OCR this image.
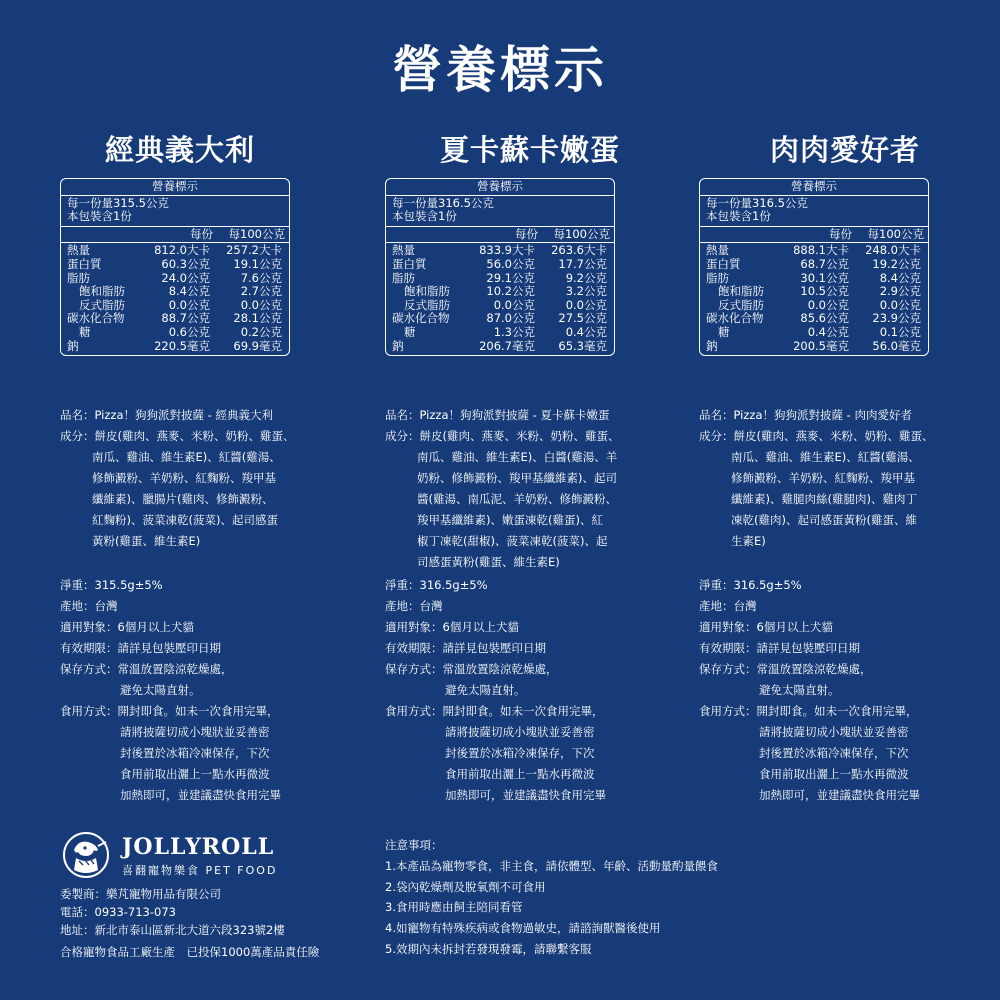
營養標示
經典義大利
營養標示
每一份量315.5公克
本包裝含1份
每份	每100公克
熱量	812.0大卡	257.2大卡
蛋白質	60.3公克	19.1公克
脂肪	24.0公克	7.6公克
飽和脂肪	8.4公克	2.7公克
反式脂肪	0.0公克	0.0公克
碳水化合物	88.7公克	28.1公克
糖	0.6公克	0.2公克
鈉	220.5毫克	69.9毫克
品名：Pizza！狗狗派對披薩 - 經典義大利
成分：餅皮(雞肉、燕麥、米粉、奶粉、雞蛋、
南瓜、雞油、維生素E)、紅醬(雞湯、
修飾澱粉、羊奶粉、紅麴粉、羧甲基
纖維素)、臘腸片(雞肉、修飾澱粉、
紅麴粉)、菠菜凍乾(菠菜)、起司感蛋
黃粉(雞蛋、維生素E)
淨重：315.5g±5%
產地：台灣
適用對象：6個月以上犬貓
有效期限：請詳見包裝壓印日期
保存方式：常溫放置陰涼乾燥處，
避免太陽直射。
食用方式：開封即食。如未一次食用完畢，
請將披薩切成小塊狀並妥善密
封後置於冰箱冷凍保存，下次
食用前取出灑上一點水再微波
加熱即可，並建議盡快食用完畢
夏卡蘇卡嫩蛋
營養標示
每一份量316.5公克
本包裝含1份
每份	每100公克
熱量	833.9大卡	263.6大卡
蛋白質	56.0公克	17.7公克
脂肪	29.1公克	9.2公克
飽和脂肪	10.2公克	3.2公克
反式脂肪	0.0公克	0.0公克
碳水化合物	87.0公克	27.5公克
糖	1.3公克	0.4公克
鈉	206.7毫克	65.3毫克
品名：Pizza！狗狗派對披薩 - 夏卡蘇卡嫩蛋
成分：餅皮(雞肉、燕麥、米粉、奶粉、雞蛋、
南瓜、雞油、維生素E)、白醬(雞湯、羊
奶粉、修飾澱粉、羧甲基纖維素)、起司
醬(雞湯、南瓜泥、羊奶粉、修飾澱粉、
羧甲基纖維素)、嫩蛋凍乾(雞蛋)、紅
椒丁凍乾(甜椒)、菠菜凍乾(菠菜)、起
司感蛋黃粉(雞蛋、維生素E)
淨重：316.5g±5%
產地：台灣
適用對象：6個月以上犬貓
有效期限：請詳見包裝壓印日期
保存方式：常溫放置陰涼乾燥處，
避免太陽直射。
食用方式：開封即食。如未一次食用完畢，
請將披薩切成小塊狀並妥善密
封後置於冰箱冷凍保存，下次
食用前取出灑上一點水再微波
加熱即可，並建議盡快食用完畢
肉肉愛好者
營養標示
每一份量316.5公克
本包裝含1份
每份	每100公克
熱量	888.1大卡	248.0大卡
蛋白質	68.7公克	19.2公克
脂肪	30.1公克	8.4公克
飽和脂肪	10.5公克	2.9公克
反式脂肪	0.0公克	0.0公克
碳水化合物	85.6公克	23.9公克
糖	0.4公克	0.1公克
鈉	200.5毫克	56.0毫克
品名：Pizza！狗狗派對披薩 - 肉肉愛好者
成分：餅皮(雞肉、燕麥、米粉、奶粉、雞蛋、
南瓜、雞油、維生素E)、紅醬(雞湯、
修飾澱粉、羊奶粉、紅麴粉、羧甲基
纖維素)、雞腿肉絲(雞腿肉)、雞肉丁
凍乾(雞肉)、起司感蛋黃粉(雞蛋、維
生素E)
淨重：316.5g±5%
產地：台灣
適用對象：6個月以上犬貓
有效期限：請詳見包裝壓印日期
保存方式：常溫放置陰涼乾燥處，
避免太陽直射。
食用方式：開封即食。如未一次食用完畢，
請將披薩切成小塊狀並妥善密
封後置於冰箱冷凍保存，下次
食用前取出灑上一點水再微波
加熱即可，並建議盡快食用完畢
JOLLYROLL
喜翻寵物樂食 PET FOOD
委製商：樂芃寵物用品有限公司
電話：0933-713-073
地址：新北市泰山區新北大道六段323號2樓
合格寵物食品工廠生產　已投保1000萬產品責任險
注意事項：
1.本產品為寵物零食，非主食，請依體型、年齡、活動量酌量餵食
2.袋內乾燥劑及脫氧劑不可食用
3.食用時應由飼主陪同看管
4.如寵物有特殊疾病或食物過敏史，請諮詢獸醫後使用
5.效期內未拆封若發現發霉，請聯繫客服
